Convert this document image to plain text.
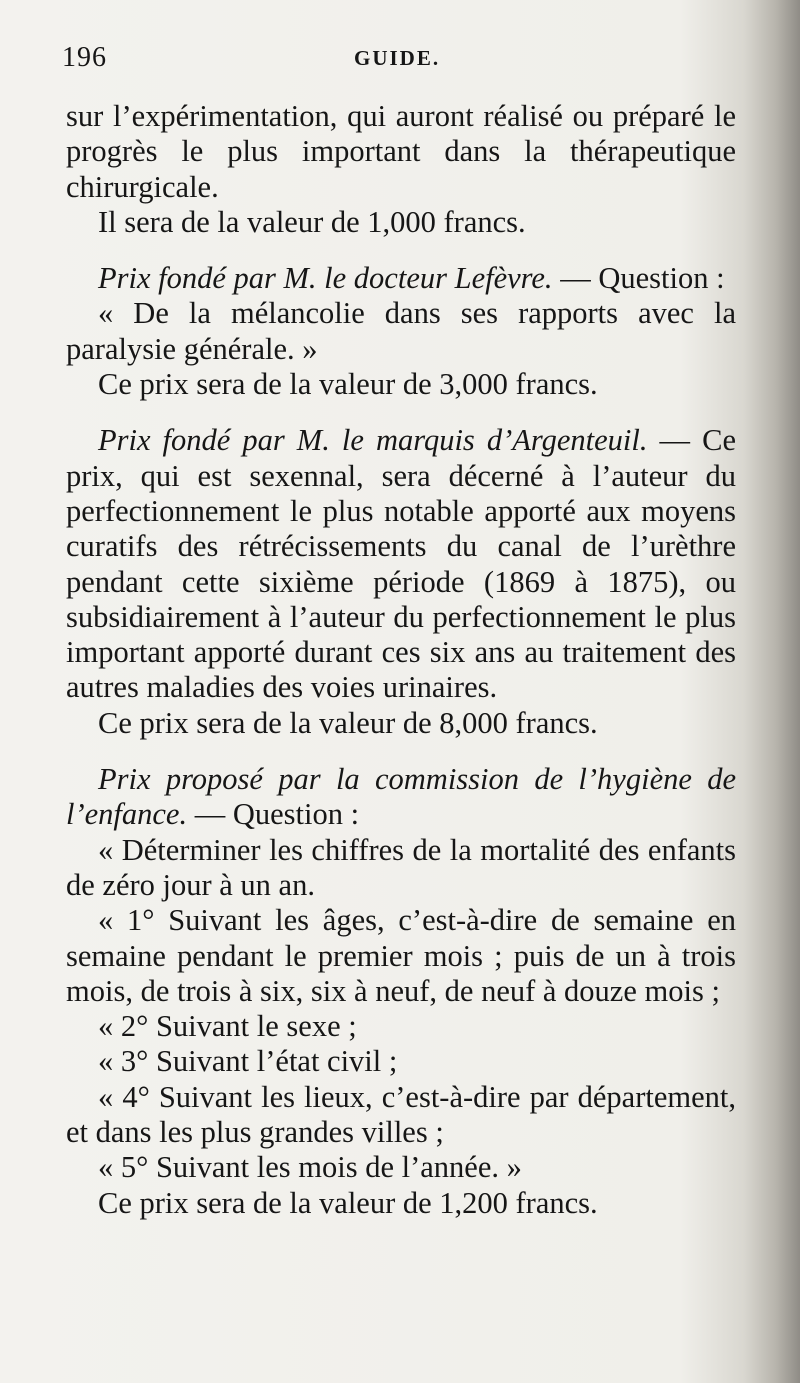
196	GUIDE.

sur l’expérimentation, qui auront réalisé ou préparé le progrès le plus important dans la thérapeutique chirurgicale.

Il sera de la valeur de 1,000 francs.

Prix fondé par M. le docteur Lefèvre. — Question :

« De la mélancolie dans ses rapports avec la paralysie générale. »

Ce prix sera de la valeur de 3,000 francs.

Prix fondé par M. le marquis d’Argenteuil. — Ce prix, qui est sexennal, sera décerné à l’auteur du perfectionnement le plus notable apporté aux moyens curatifs des rétrécissements du canal de l’urèthre pendant cette sixième période (1869 à 1875), ou subsidiairement à l’auteur du perfectionnement le plus important apporté durant ces six ans au traitement des autres maladies des voies urinaires.

Ce prix sera de la valeur de 8,000 francs.

Prix proposé par la commission de l’hygiène de l’enfance. — Question :

« Déterminer les chiffres de la mortalité des enfants de zéro jour à un an.

« 1° Suivant les âges, c’est-à-dire de semaine en semaine pendant le premier mois ; puis de un à trois mois, de trois à six, six à neuf, de neuf à douze mois ;

« 2° Suivant le sexe ;

« 3° Suivant l’état civil ;

« 4° Suivant les lieux, c’est-à-dire par département, et dans les plus grandes villes ;

« 5° Suivant les mois de l’année. »

Ce prix sera de la valeur de 1,200 francs.
